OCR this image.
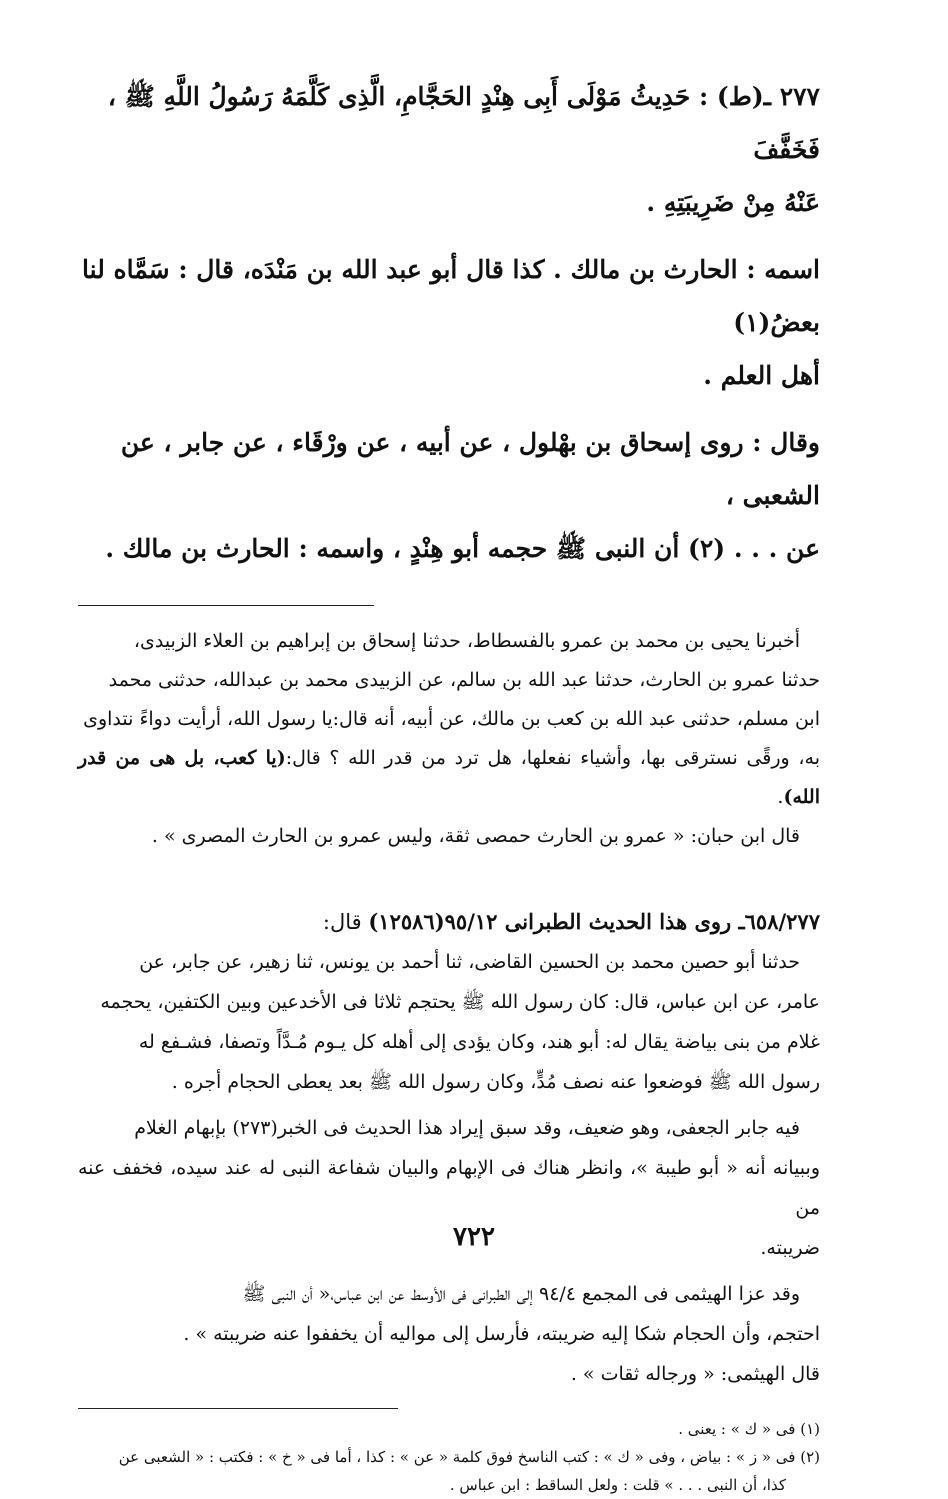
٢٧٧ ـ(ط) : حَدِيثُ مَوْلَى أَبِى هِنْدٍ الحَجَّامِ، الَّذِى كَلَّمَهُ رَسُولُ اللَّهِ ﷺ ، فَخَفَّفَ

عَنْهُ مِنْ ضَرِيبَتِهِ .

اسمه : الحارث بن مالك . كذا قال أبو عبد الله بن مَنْدَه، قال : سَمَّاه لنا بعضُ(١)

أهل العلم .

وقال : روى إسحاق بن بهْلول ، عن أبيه ، عن ورْقَاء ، عن جابر ، عن الشعبى ،

عن . . . (٢) أن النبى ﷺ حجمه أبو هِنْدٍ ، واسمه : الحارث بن مالك .

أخبرنا يحيى بن محمد بن عمرو بالفسطاط، حدثنا إسحاق بن إبراهيم بن العلاء الزبيدى،

حدثنا عمرو بن الحارث، حدثنا عبد الله بن سالم، عن الزبيدى محمد بن عبدالله، حدثنى محمد

ابن مسلم، حدثنى عبد الله بن كعب بن مالك، عن أبيه، أنه قال:يا رسول الله، أرأيت دواءً نتداوى

به، ورقًى نسترقى بها، وأشياء نفعلها، هل ترد من قدر الله ؟ قال:(يا كعب، بل هى من قدر الله).

قال ابن حبان: « عمرو بن الحارث حمصى ثقة، وليس عمرو بن الحارث المصرى » .

٦٥٨/٢٧٧ـ روى هذا الحديث الطبرانى ٩٥/١٢(١٢٥٨٦) قال:

حدثنا أبو حصين محمد بن الحسين القاضى، ثنا أحمد بن يونس، ثنا زهير، عن جابر، عن

عامر، عن ابن عباس، قال: كان رسول الله ﷺ يحتجم ثلاثا فى الأخدعين وبين الكتفين، يحجمه

غلام من بنى بياضة يقال له: أبو هند، وكان يؤدى إلى أهله كل يـوم مُـدَّاً وتصفا، فشـفع له

رسول الله ﷺ فوضعوا عنه نصف مُدٍّ، وكان رسول الله ﷺ بعد يعطى الحجام أجره .

فيه جابر الجعفى، وهو ضعيف، وقد سبق إيراد هذا الحديث فى الخبر(٢٧٣) بإبهام الغلام

وببيانه أنه « أبو طيبة »، وانظر هناك فى الإبهام والبيان شفاعة النبى له عند سيده، فخفف عنه من

ضريبته.

وقد عزا الهيثمى فى المجمع ٩٤/٤ إلى الطبرانى فى الأوسط عن ابن عباس،« أن النبى ﷺ

احتجم، وأن الحجام شكا إليه ضريبته، فأرسل إلى مواليه أن يخففوا عنه ضريبته » .

قال الهيثمى: « ورجاله ثقات » .

(١) فى « ك » : يعنى .

(٢) فى « ز » : بياض ، وفى « ك » : كتب الناسخ فوق كلمة « عن » : كذا ، أما فى « خ » : فكتب : « الشعبى عن

كذا، أن النبى . . . » قلت : ولعل الساقط : ابن عباس .

٧٢٢
